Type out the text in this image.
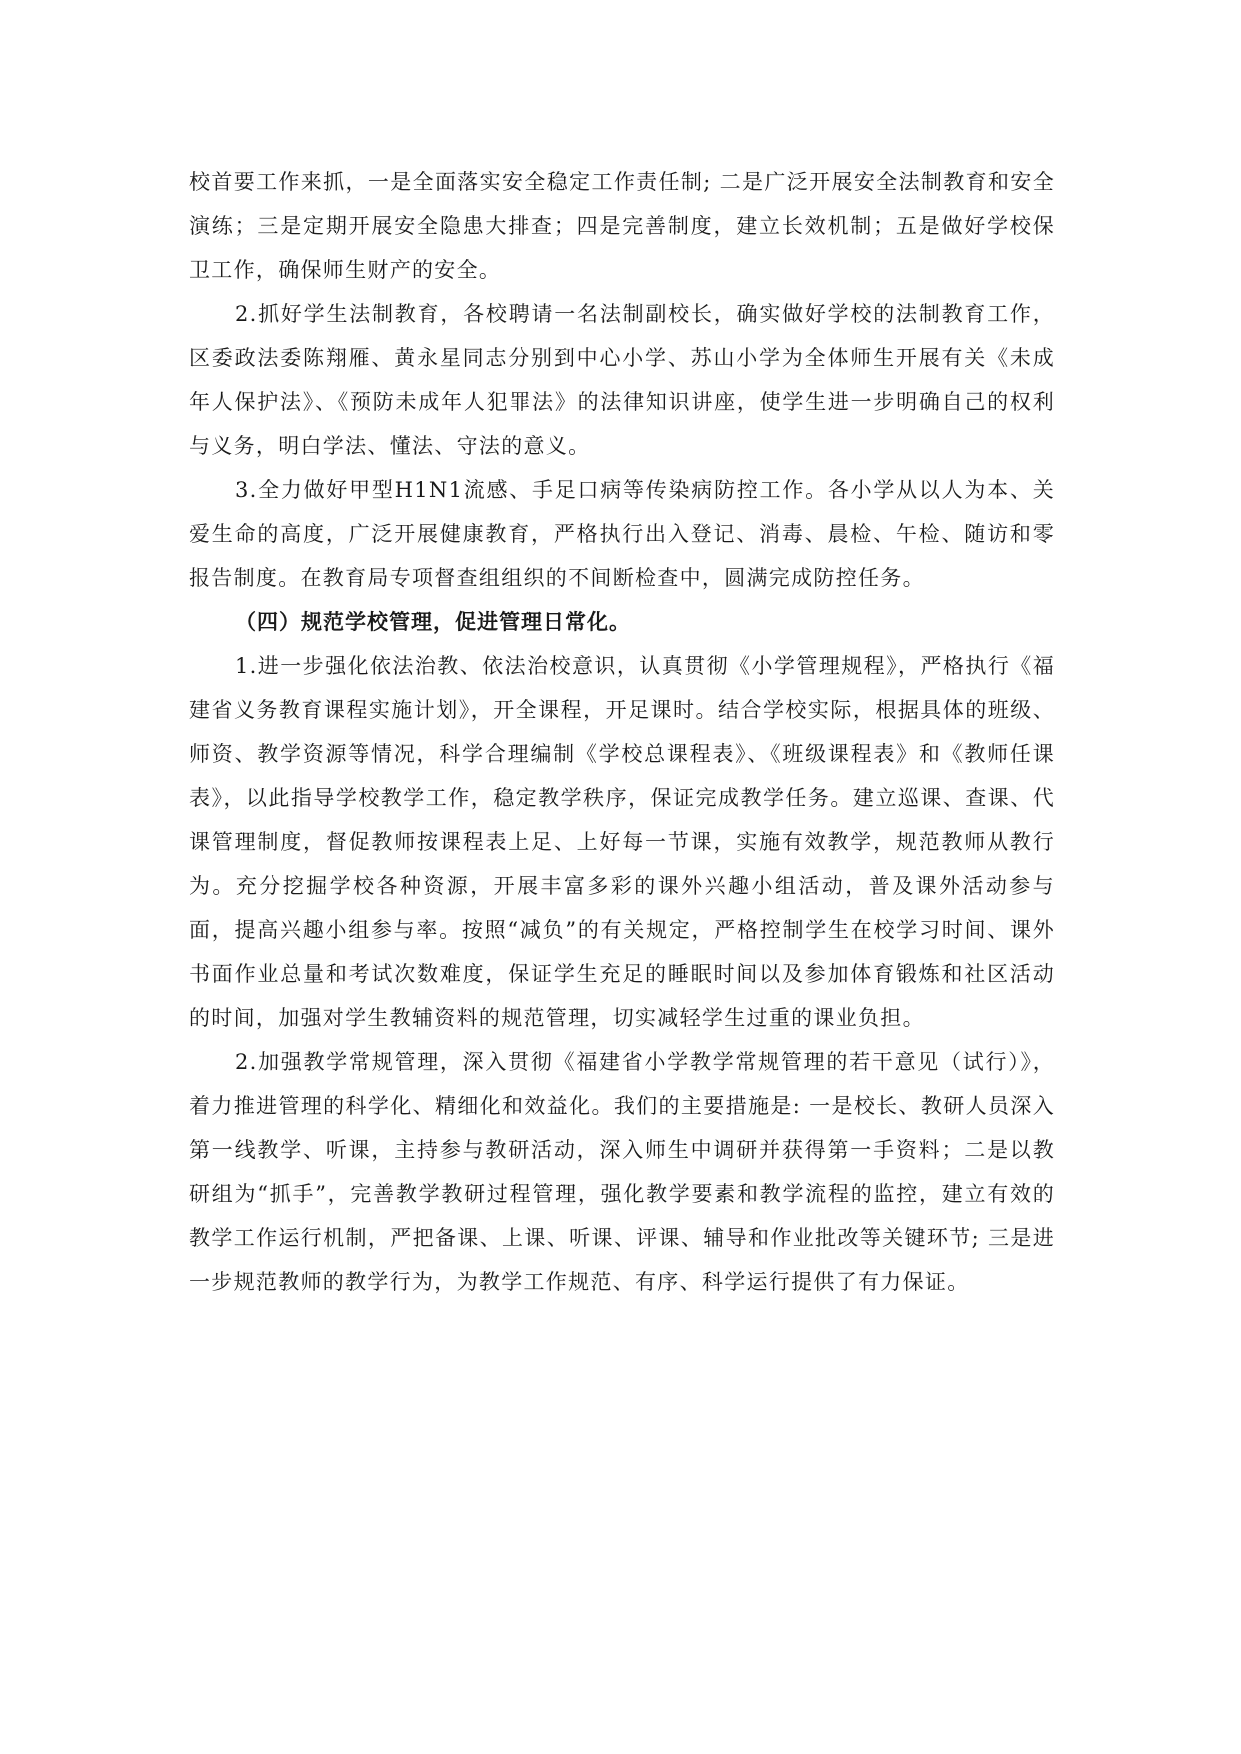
校首要工作来抓，一是全面落实安全稳定工作责任制; 二是广泛开展安全法制教育和安全演练；三是定期开展安全隐患大排查；四是完善制度，建立长效机制；五是做好学校保卫工作，确保师生财产的安全。

2.抓好学生法制教育，各校聘请一名法制副校长，确实做好学校的法制教育工作，区委政法委陈翔雁、黄永星同志分别到中心小学、苏山小学为全体师生开展有关《未成年人保护法》、《预防未成年人犯罪法》的法律知识讲座，使学生进一步明确自己的权利与义务，明白学法、懂法、守法的意义。

3.全力做好甲型H1N1流感、手足口病等传染病防控工作。各小学从以人为本、关爱生命的高度，广泛开展健康教育，严格执行出入登记、消毒、晨检、午检、随访和零报告制度。在教育局专项督查组组织的不间断检查中，圆满完成防控任务。

（四）规范学校管理，促进管理日常化。

1.进一步强化依法治教、依法治校意识，认真贯彻《小学管理规程》，严格执行《福建省义务教育课程实施计划》，开全课程，开足课时。结合学校实际，根据具体的班级、师资、教学资源等情况，科学合理编制《学校总课程表》、《班级课程表》和《教师任课表》，以此指导学校教学工作，稳定教学秩序，保证完成教学任务。建立巡课、查课、代课管理制度，督促教师按课程表上足、上好每一节课，实施有效教学，规范教师从教行为。充分挖掘学校各种资源，开展丰富多彩的课外兴趣小组活动，普及课外活动参与面，提高兴趣小组参与率。按照“减负”的有关规定，严格控制学生在校学习时间、课外书面作业总量和考试次数难度，保证学生充足的睡眠时间以及参加体育锻炼和社区活动的时间，加强对学生教辅资料的规范管理，切实减轻学生过重的课业负担。

2.加强教学常规管理，深入贯彻《福建省小学教学常规管理的若干意见（试行）》，着力推进管理的科学化、精细化和效益化。我们的主要措施是: 一是校长、教研人员深入第一线教学、听课，主持参与教研活动，深入师生中调研并获得第一手资料；二是以教研组为“抓手”，完善教学教研过程管理，强化教学要素和教学流程的监控，建立有效的教学工作运行机制，严把备课、上课、听课、评课、辅导和作业批改等关键环节; 三是进一步规范教师的教学行为，为教学工作规范、有序、科学运行提供了有力保证。
